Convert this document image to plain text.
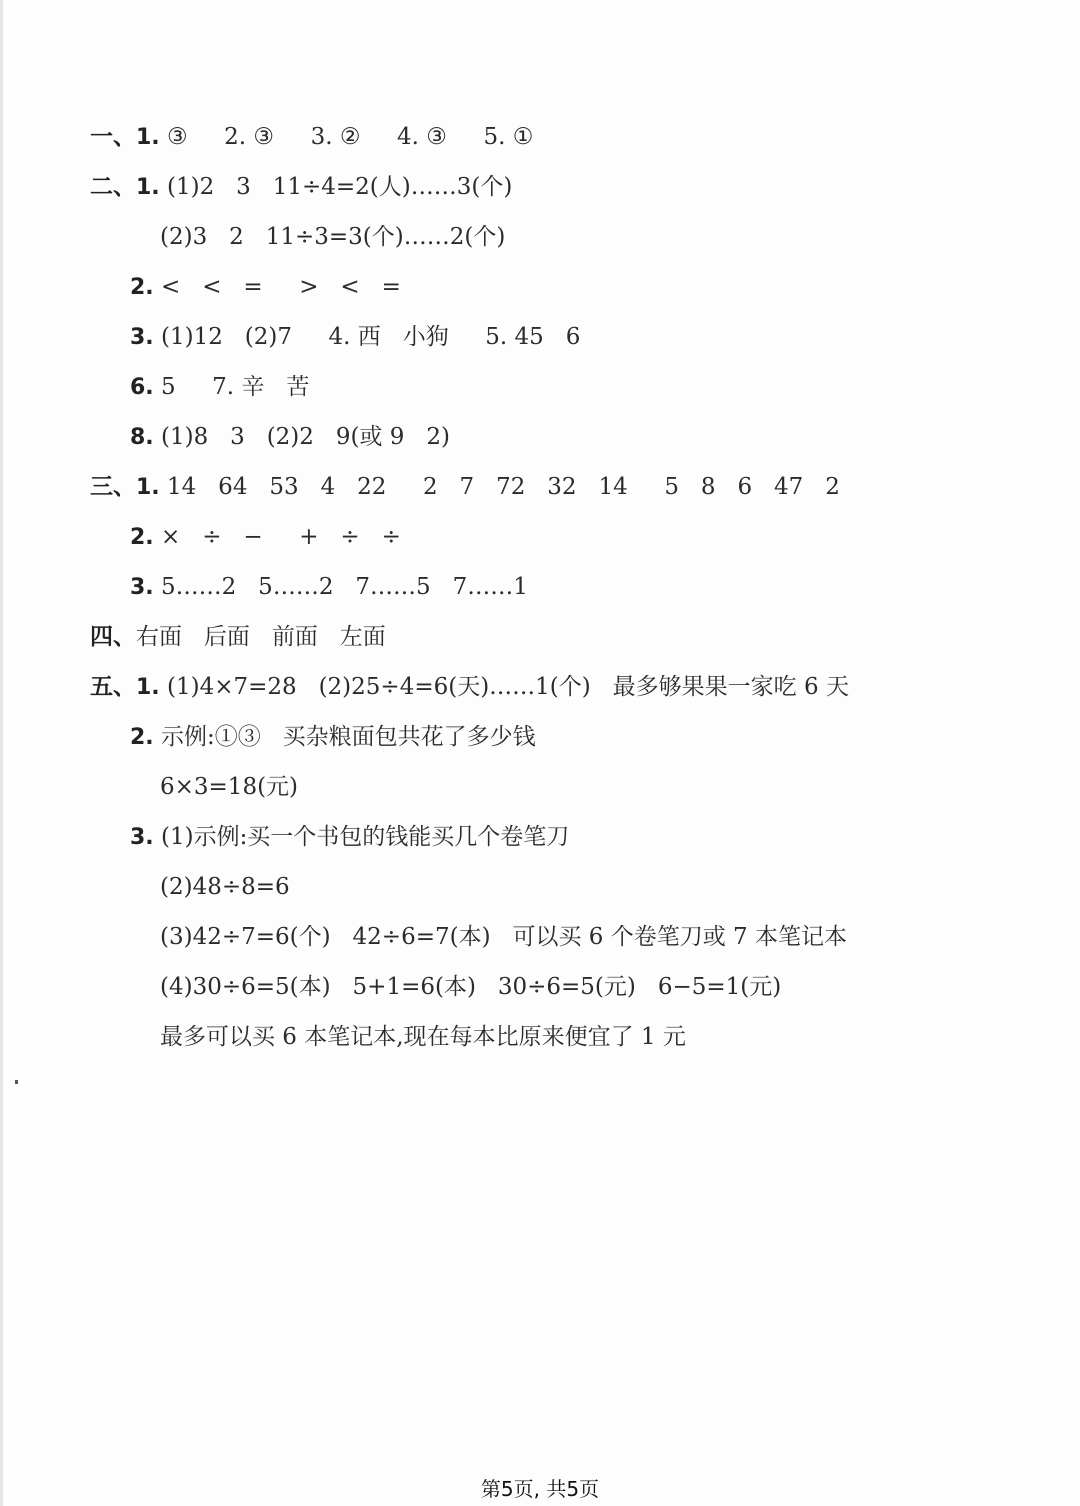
一、1. ③     2. ③     3. ②     4. ③     5. ①
二、1. (1)2   3   11÷4=2(人)……3(个)
(2)3   2   11÷3=3(个)……2(个)
2. <   <   =     >   <   =
3. (1)12   (2)7     4. 西   小狗     5. 45   6
6. 5     7. 辛   苦
8. (1)8   3   (2)2   9(或 9   2)
三、1. 14   64   53   4   22     2   7   72   32   14     5   8   6   47   2
2. ×   ÷   −     +   ÷   ÷
3. 5……2   5……2   7……5   7……1
四、右面   后面   前面   左面
五、1. (1)4×7=28   (2)25÷4=6(天)……1(个)   最多够果果一家吃 6 天
2. 示例:①③   买杂粮面包共花了多少钱
6×3=18(元)
3. (1)示例:买一个书包的钱能买几个卷笔刀
(2)48÷8=6
(3)42÷7=6(个)   42÷6=7(本)   可以买 6 个卷笔刀或 7 本笔记本
(4)30÷6=5(本)   5+1=6(本)   30÷6=5(元)   6−5=1(元)
最多可以买 6 本笔记本,现在每本比原来便宜了 1 元
第5页, 共5页
